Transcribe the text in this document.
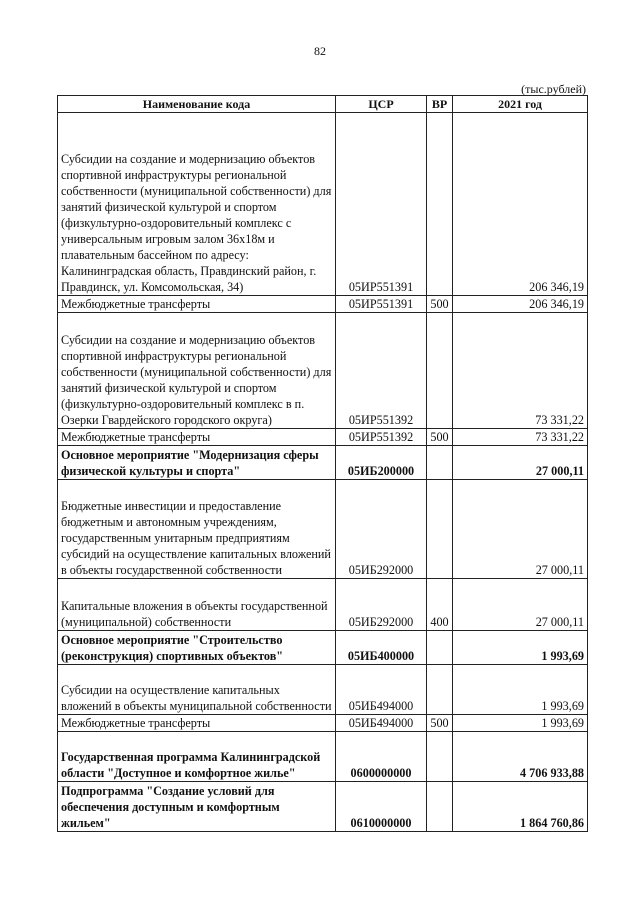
82
(тыс.рублей)
Наименование кода	ЦСР	ВР	2021 год
Субсидии на создание и модернизацию объектов спортивной инфраструктуры региональной собственности (муниципальной собственности) для занятий физической культурой и спортом (физкультурно-оздоровительный комплекс с универсальным игровым залом 36х18м и плавательным бассейном по адресу: Калининградская область, Правдинский район, г. Правдинск, ул. Комсомольская, 34)	05ИР551391		206 346,19
Межбюджетные трансферты	05ИР551391	500	206 346,19
Субсидии на создание и модернизацию объектов спортивной инфраструктуры региональной собственности (муниципальной собственности) для занятий физической культурой и спортом (физкультурно-оздоровительный комплекс в п. Озерки Гвардейского городского округа)	05ИР551392		73 331,22
Межбюджетные трансферты	05ИР551392	500	73 331,22
Основное мероприятие "Модернизация сферы физической культуры и спорта"	05ИБ200000		27 000,11
Бюджетные инвестиции и предоставление бюджетным и автономным учреждениям, государственным унитарным предприятиям субсидий на осуществление капитальных вложений в объекты государственной собственности	05ИБ292000		27 000,11
Капитальные вложения в объекты государственной (муниципальной) собственности	05ИБ292000	400	27 000,11
Основное мероприятие "Строительство (реконструкция) спортивных объектов"	05ИБ400000		1 993,69
Субсидии на осуществление капитальных вложений в объекты муниципальной собственности	05ИБ494000		1 993,69
Межбюджетные трансферты	05ИБ494000	500	1 993,69
Государственная программа Калининградской области "Доступное и комфортное жилье"	0600000000		4 706 933,88
Подпрограмма "Создание условий для обеспечения доступным и комфортным жильем"	0610000000		1 864 760,86
